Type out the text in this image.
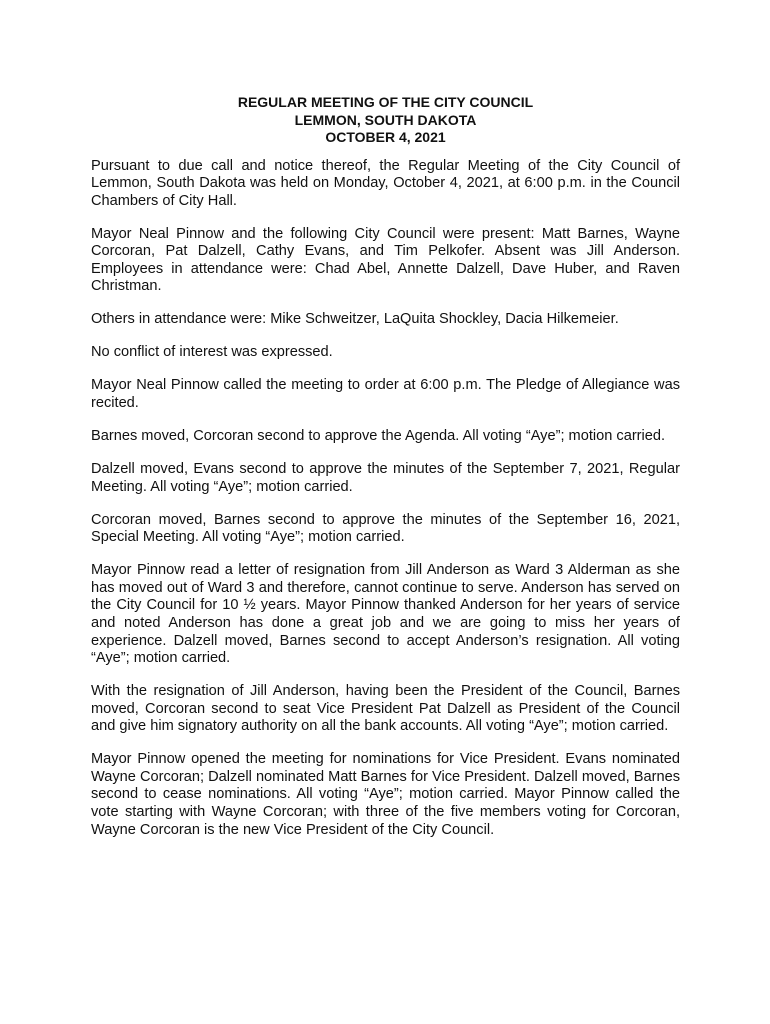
REGULAR MEETING OF THE CITY COUNCIL
LEMMON, SOUTH DAKOTA
OCTOBER 4, 2021

Pursuant to due call and notice thereof, the Regular Meeting of the City Council of Lemmon, South Dakota was held on Monday, October 4, 2021, at 6:00 p.m. in the Council Chambers of City Hall.

Mayor Neal Pinnow and the following City Council were present: Matt Barnes, Wayne Corcoran, Pat Dalzell, Cathy Evans, and Tim Pelkofer. Absent was Jill Anderson. Employees in attendance were: Chad Abel, Annette Dalzell, Dave Huber, and Raven Christman.

Others in attendance were: Mike Schweitzer, LaQuita Shockley, Dacia Hilkemeier.

No conflict of interest was expressed.

Mayor Neal Pinnow called the meeting to order at 6:00 p.m. The Pledge of Allegiance was recited.

Barnes moved, Corcoran second to approve the Agenda. All voting “Aye”; motion carried.

Dalzell moved, Evans second to approve the minutes of the September 7, 2021, Regular Meeting. All voting “Aye”; motion carried.

Corcoran moved, Barnes second to approve the minutes of the September 16, 2021, Special Meeting. All voting “Aye”; motion carried.

Mayor Pinnow read a letter of resignation from Jill Anderson as Ward 3 Alderman as she has moved out of Ward 3 and therefore, cannot continue to serve. Anderson has served on the City Council for 10 ½ years. Mayor Pinnow thanked Anderson for her years of service and noted Anderson has done a great job and we are going to miss her years of experience. Dalzell moved, Barnes second to accept Anderson’s resignation. All voting “Aye”; motion carried.

With the resignation of Jill Anderson, having been the President of the Council, Barnes moved, Corcoran second to seat Vice President Pat Dalzell as President of the Council and give him signatory authority on all the bank accounts. All voting “Aye”; motion carried.

Mayor Pinnow opened the meeting for nominations for Vice President. Evans nominated Wayne Corcoran; Dalzell nominated Matt Barnes for Vice President. Dalzell moved, Barnes second to cease nominations. All voting “Aye”; motion carried. Mayor Pinnow called the vote starting with Wayne Corcoran; with three of the five members voting for Corcoran, Wayne Corcoran is the new Vice President of the City Council.
